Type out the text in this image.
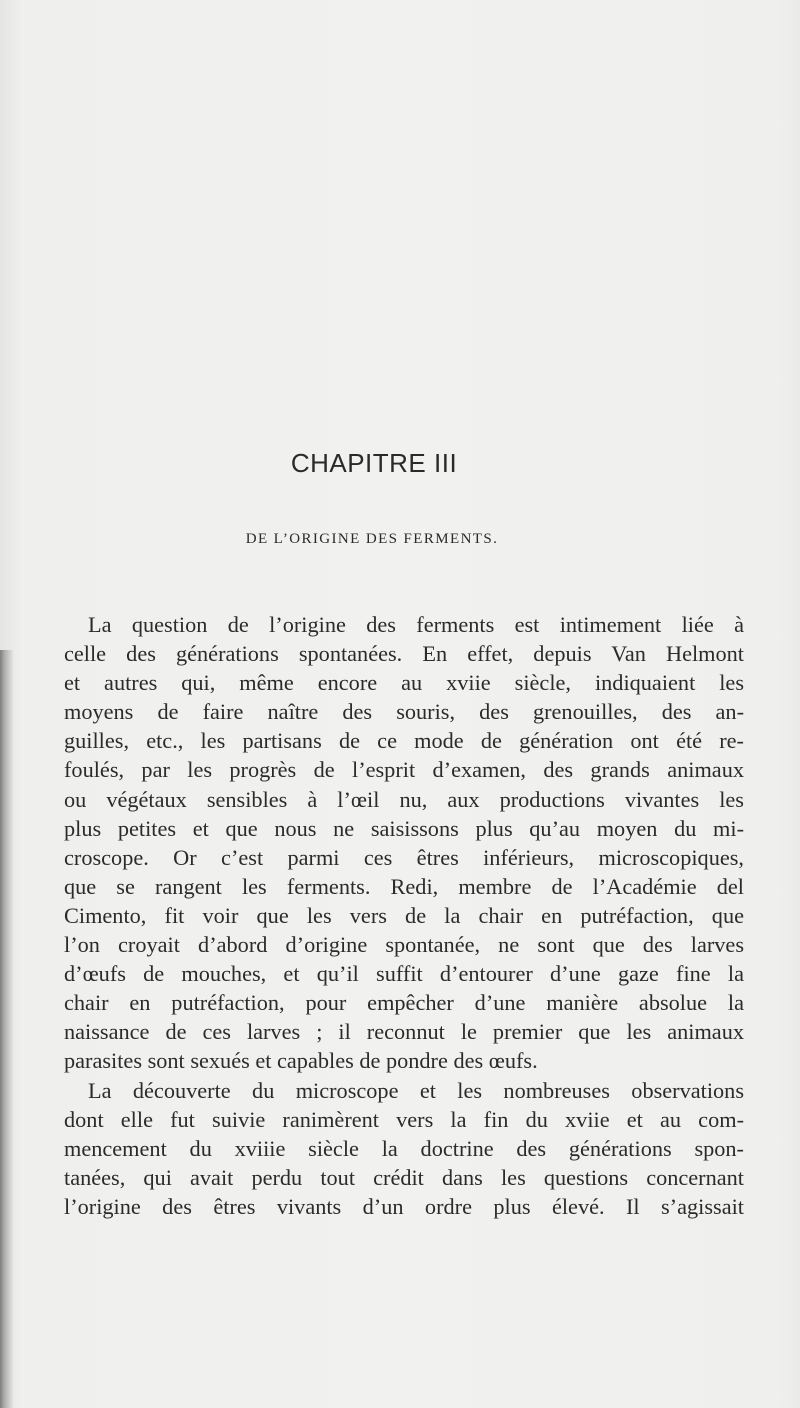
CHAPITRE III
DE L’ORIGINE DES FERMENTS.
La question de l’origine des ferments est intimement liée à
celle des générations spontanées. En effet, depuis Van Helmont
et autres qui, même encore au xviie siècle, indiquaient les
moyens de faire naître des souris, des grenouilles, des an-
guilles, etc., les partisans de ce mode de génération ont été re-
foulés, par les progrès de l’esprit d’examen, des grands animaux
ou végétaux sensibles à l’œil nu, aux productions vivantes les
plus petites et que nous ne saisissons plus qu’au moyen du mi-
croscope. Or c’est parmi ces êtres inférieurs, microscopiques,
que se rangent les ferments. Redi, membre de l’Académie del
Cimento, fit voir que les vers de la chair en putréfaction, que
l’on croyait d’abord d’origine spontanée, ne sont que des larves
d’œufs de mouches, et qu’il suffit d’entourer d’une gaze fine la
chair en putréfaction, pour empêcher d’une manière absolue la
naissance de ces larves ; il reconnut le premier que les animaux
parasites sont sexués et capables de pondre des œufs.
La découverte du microscope et les nombreuses observations
dont elle fut suivie ranimèrent vers la fin du xviie et au com-
mencement du xviiie siècle la doctrine des générations spon-
tanées, qui avait perdu tout crédit dans les questions concernant
l’origine des êtres vivants d’un ordre plus élevé. Il s’agissait
